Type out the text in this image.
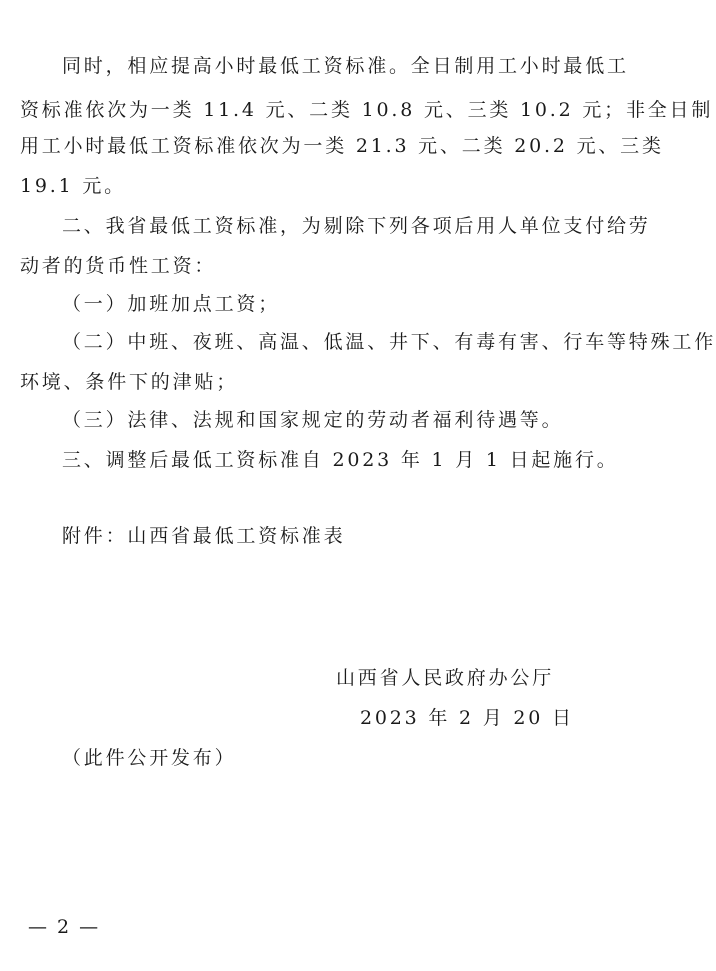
同时，相应提高小时最低工资标准。全日制用工小时最低工
资标准依次为一类 11.4 元、二类 10.8 元、三类 10.2 元；非全日制
用工小时最低工资标准依次为一类 21.3 元、二类 20.2 元、三类
19.1 元。
二、我省最低工资标准，为剔除下列各项后用人单位支付给劳
动者的货币性工资：
（一）加班加点工资；
（二）中班、夜班、高温、低温、井下、有毒有害、行车等特殊工作
环境、条件下的津贴；
（三）法律、法规和国家规定的劳动者福利待遇等。
三、调整后最低工资标准自 2023 年 1 月 1 日起施行。
附件：山西省最低工资标准表
山西省人民政府办公厅
2023 年 2 月 20 日
（此件公开发布）
— 2 —
